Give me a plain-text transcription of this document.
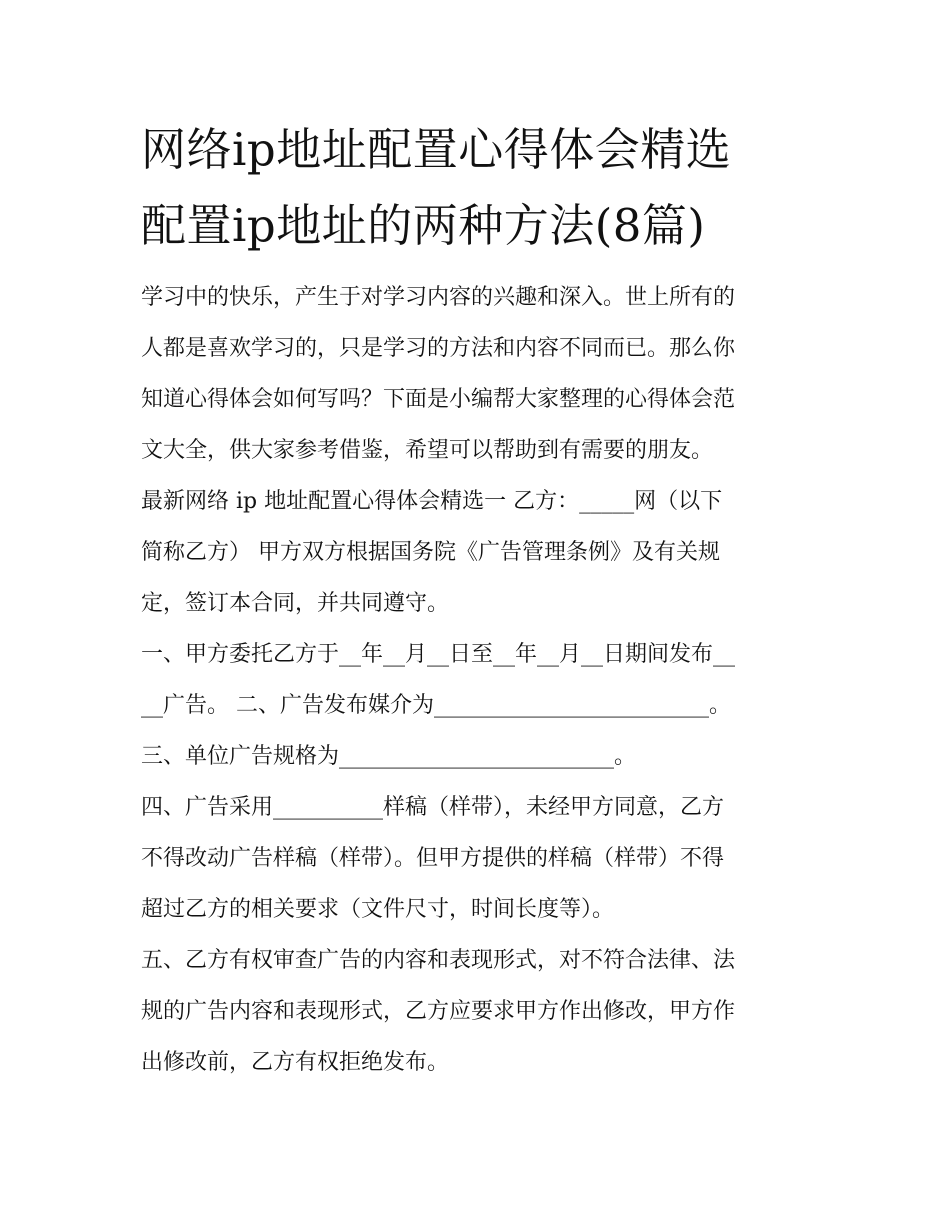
网络ip地址配置心得体会精选
配置ip地址的两种方法(8篇)

学习中的快乐，产生于对学习内容的兴趣和深入。世上所有的
人都是喜欢学习的，只是学习的方法和内容不同而已。那么你
知道心得体会如何写吗？下面是小编帮大家整理的心得体会范
文大全，供大家参考借鉴，希望可以帮助到有需要的朋友。

最新网络 ip 地址配置心得体会精选一 乙方：_____网（以下
简称乙方） 甲方双方根据国务院《广告管理条例》及有关规
定，签订本合同，并共同遵守。

一、甲方委托乙方于__年__月__日至__年__月__日期间发布__
__广告。 二、广告发布媒介为_________________________。

三、单位广告规格为_________________________。

四、广告采用__________样稿（样带），未经甲方同意，乙方
不得改动广告样稿（样带）。但甲方提供的样稿（样带）不得
超过乙方的相关要求（文件尺寸，时间长度等）。

五、乙方有权审查广告的内容和表现形式，对不符合法律、法
规的广告内容和表现形式，乙方应要求甲方作出修改，甲方作
出修改前，乙方有权拒绝发布。
